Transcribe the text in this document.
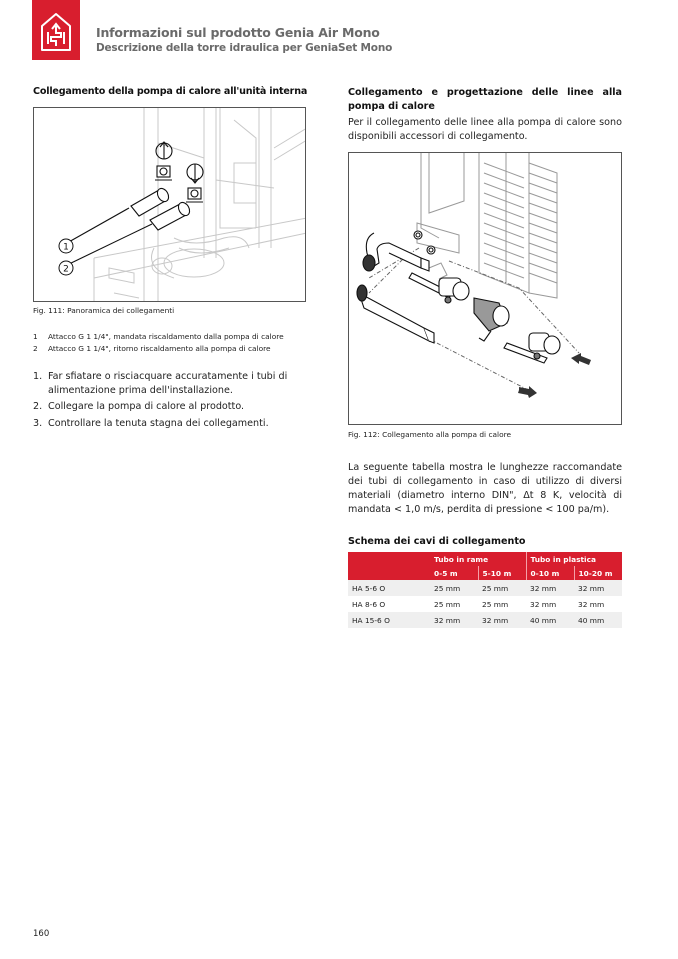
Informazioni sul prodotto Genia Air Mono
Descrizione della torre idraulica per GeniaSet Mono
Collegamento della pompa di calore all'unità interna
1
2
Fig. 111: Panoramica dei collegamenti
1	Attacco G 1 1/4", mandata riscaldamento dalla pompa di calore
2	Attacco G 1 1/4", ritorno riscaldamento alla pompa di calore
1. Far sfiatare o risciacquare accuratamente i tubi di alimentazione prima dell'installazione.
2. Collegare la pompa di calore al prodotto.
3. Controllare la tenuta stagna dei collegamenti.
Collegamento e progettazione delle linee alla pompa di calore
Per il collegamento delle linee alla pompa di calore sono disponibili accessori di collegamento.
Fig. 112: Collegamento alla pompa di calore
La seguente tabella mostra le lunghezze raccomandate dei tubi di collegamento in caso di utilizzo di diversi materiali (diametro interno DIN", Δt 8 K, velocità di mandata < 1,0 m/s, perdita di pressione < 100 pa/m).
Schema dei cavi di collegamento
	Tubo in rame		Tubo in plastica	
	0-5 m	5-10 m	0-10 m	10-20 m
HA 5-6 O	25 mm	25 mm	32 mm	32 mm
HA 8-6 O	25 mm	25 mm	32 mm	32 mm
HA 15-6 O	32 mm	32 mm	40 mm	40 mm
160
